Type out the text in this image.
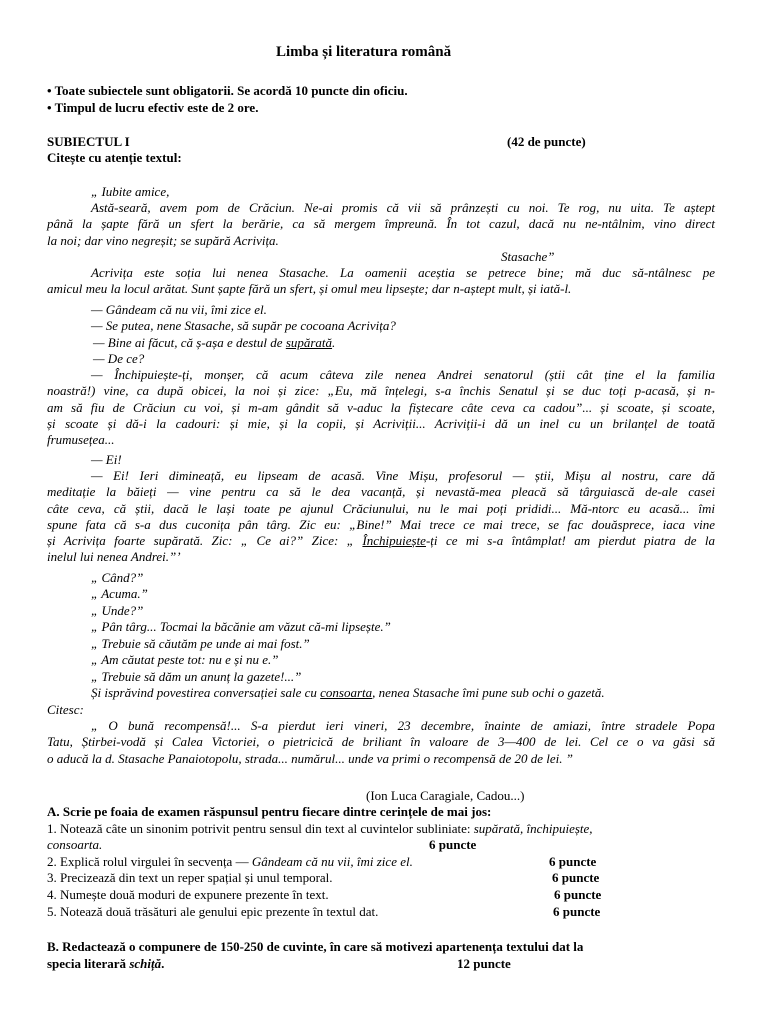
Limba și literatura română
• Toate subiectele sunt obligatorii. Se acordă 10 puncte din oficiu.
• Timpul de lucru efectiv este de 2 ore.
SUBIECTUL I	(42 de puncte)
Citește cu atenție textul:
„ Iubite amice,
Astă-seară, avem pom de Crăciun. Ne-ai promis că vii să prânzești cu noi. Te rog, nu uita. Te aștept
până la șapte fără un sfert la berărie, ca să mergem împreună. În tot cazul, dacă nu ne-ntâlnim, vino direct
la noi; dar vino negreșit; se supără Acrivița.
Stasache”
Acrivița este soția lui nenea Stasache. La oamenii aceștia se petrece bine; mă duc să-ntâlnesc pe
amicul meu la locul arătat. Sunt șapte fără un sfert, și omul meu lipsește; dar n-aștept mult, și iată-l.
— Gândeam că nu vii, îmi zice el.
— Se putea, nene Stasache, să supăr pe cocoana Acrivița?
— Bine ai făcut, că ș-așa e destul de supărată.
— De ce?
— Închipuiește-ți, monșer, că acum câteva zile nenea Andrei senatorul (știi cât ține el la familia
noastră!) vine, ca după obicei, la noi și zice: „Eu, mă înțelegi, s-a închis Senatul și se duc toți p-acasă, și n-
am să fiu de Crăciun cu voi, și m-am gândit să v-aduc la fiștecare câte ceva ca cadou”... și scoate, și scoate,
și scoate și dă-i la cadouri: și mie, și la copii, și Acriviții... Acriviții-i dă un inel cu un brilanțel de toată
frumusețea...
— Ei!
— Ei! Ieri dimineață, eu lipseam de acasă. Vine Mișu, profesorul — știi, Mișu al nostru, care dă
meditație la băieți — vine pentru ca să le dea vacanță, și nevastă-mea pleacă să târguiască de-ale casei
câte ceva, că știi, dacă le lași toate pe ajunul Crăciunului, nu le mai poți prididi... Mă-ntorc eu acasă... îmi
spune fata că s-a dus cuconița pân târg. Zic eu: „Bine!” Mai trece ce mai trece, se fac douăsprece, iaca vine
și Acrivița foarte supărată. Zic: „ Ce ai?” Zice: „ Închipuiește-ți ce mi s-a întâmplat! am pierdut piatra de la
inelul lui nenea Andrei.”’
„ Când?”
„ Acuma.”
„ Unde?”
„ Pân târg... Tocmai la băcănie am văzut că-mi lipsește.”
„ Trebuie să căutăm pe unde ai mai fost.”
„ Am căutat peste tot: nu e și nu e.”
„ Trebuie să dăm un anunț la gazete!...”
Și isprăvind povestirea conversației sale cu consoarta, nenea Stasache îmi pune sub ochi o gazetă.
Citesc:
„ O bună recompensă!... S-a pierdut ieri vineri, 23 decembre, înainte de amiazi, între stradele Popa
Tatu, Știrbei-vodă și Calea Victoriei, o pietricică de briliant în valoare de 3—400 de lei. Cel ce o va găsi să
o aducă la d. Stasache Panaiotopolu, strada... numărul... unde va primi o recompensă de 20 de lei. ”
(Ion Luca Caragiale, Cadou...)
A. Scrie pe foaia de examen răspunsul pentru fiecare dintre cerințele de mai jos:
1. Notează câte un sinonim potrivit pentru sensul din text al cuvintelor subliniate: supărată, închipuiește,
consoarta.	6 puncte
2. Explică rolul virgulei în secvența — Gândeam că nu vii, îmi zice el.	6 puncte
3. Precizează din text un reper spațial și unul temporal.	6 puncte
4. Numește două moduri de expunere prezente în text.	6 puncte
5. Notează două trăsături ale genului epic prezente în textul dat.	6 puncte
B. Redactează o compunere de 150-250 de cuvinte, în care să motivezi apartenența textului dat la
specia literară schiță.	12 puncte
